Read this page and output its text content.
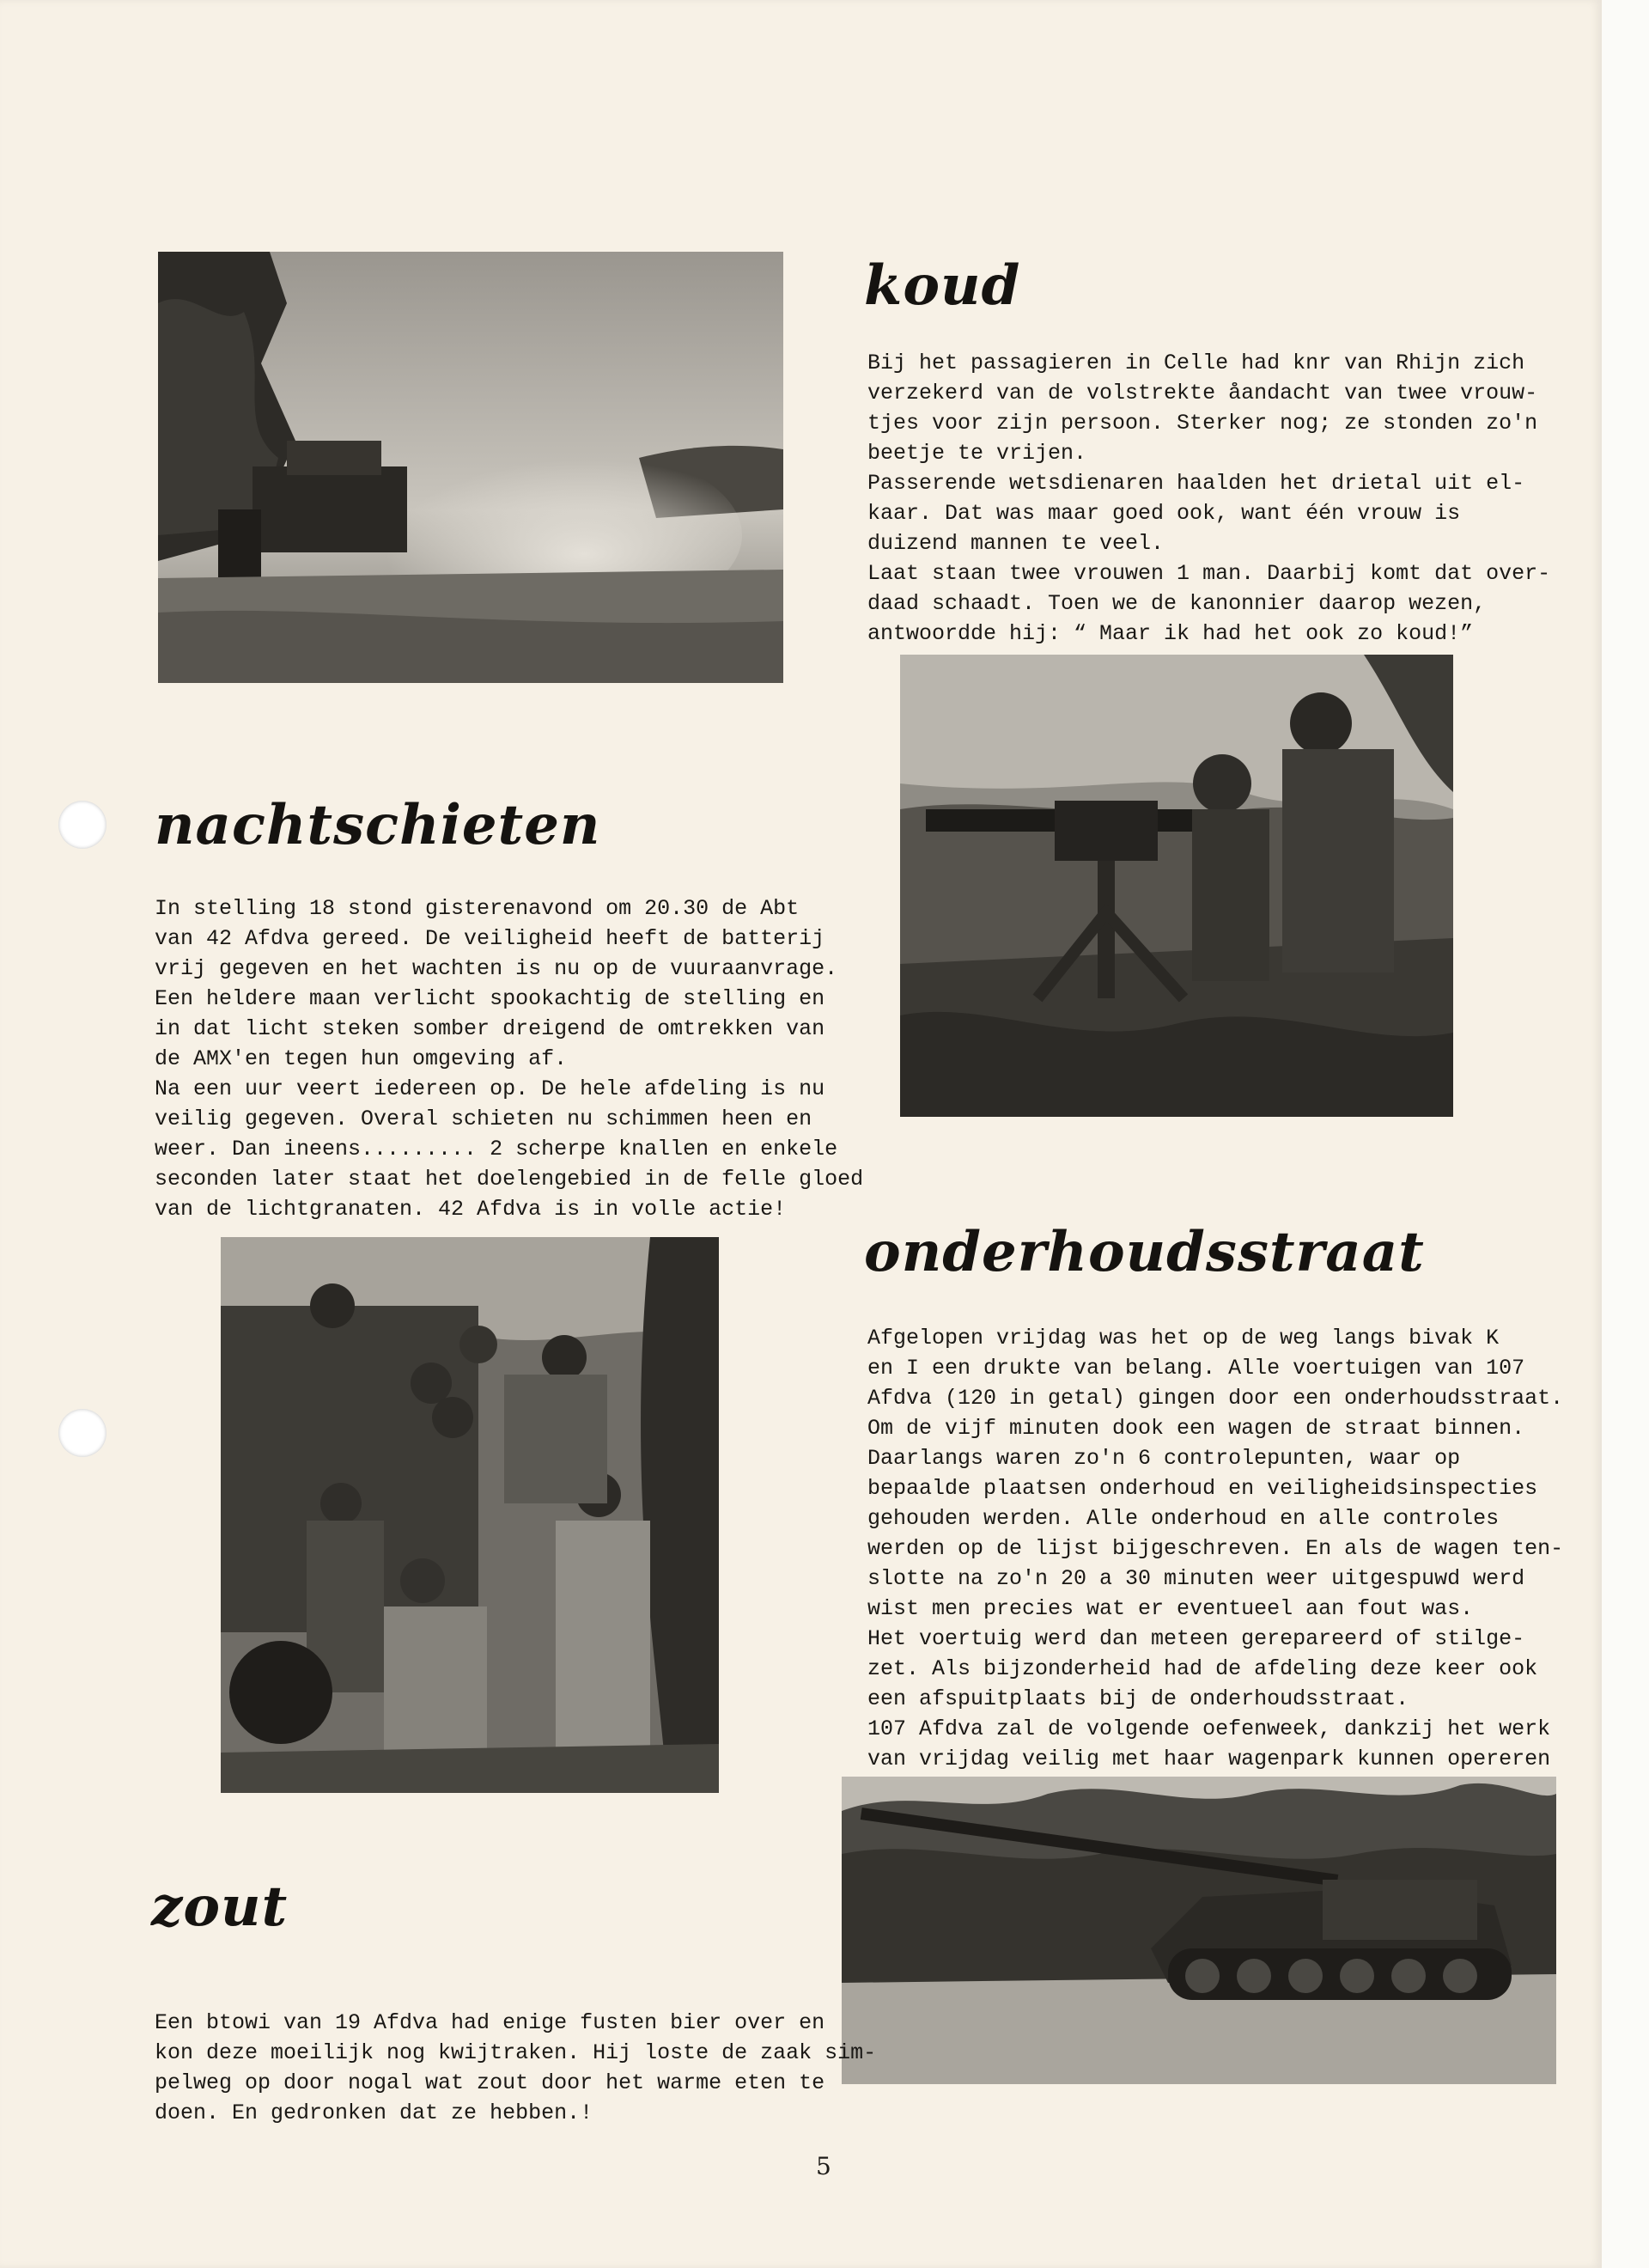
koud
Bij het passagieren in Celle had knr van Rhijn zich
verzekerd van de volstrekte åandacht van twee vrouw-
tjes voor zijn persoon. Sterker nog; ze stonden zo'n
beetje te vrijen.
Passerende wetsdienaren haalden het drietal uit el-
kaar. Dat was maar goed ook, want één vrouw is
duizend mannen te veel.
Laat staan twee vrouwen 1 man. Daarbij komt dat over-
daad schaadt. Toen we de kanonnier daarop wezen,
antwoordde hij: “ Maar ik had het ook zo koud!”
nachtschieten
In stelling 18 stond gisterenavond om 20.30 de Abt
van 42 Afdva gereed. De veiligheid heeft de batterij
vrij gegeven en het wachten is nu op de vuuraanvrage.
Een heldere maan verlicht spookachtig de stelling en
in dat licht steken somber dreigend de omtrekken van
de AMX'en tegen hun omgeving af.
Na een uur veert iedereen op. De hele afdeling is nu
veilig gegeven. Overal schieten nu schimmen heen en
weer. Dan ineens......... 2 scherpe knallen en enkele
seconden later staat het doelengebied in de felle gloed
van de lichtgranaten. 42 Afdva is in volle actie!
onderhoudsstraat
Afgelopen vrijdag was het op de weg langs bivak K
en I een drukte van belang. Alle voertuigen van 107
Afdva (120 in getal) gingen door een onderhoudsstraat.
Om de vijf minuten dook een wagen de straat binnen.
Daarlangs waren zo'n 6 controlepunten, waar op
bepaalde plaatsen onderhoud en veiligheidsinspecties
gehouden werden. Alle onderhoud en alle controles
werden op de lijst bijgeschreven. En als de wagen ten-
slotte na zo'n 20 a 30 minuten weer uitgespuwd werd
wist men precies wat er eventueel aan fout was.
Het voertuig werd dan meteen gerepareerd of stilge-
zet. Als bijzonderheid had de afdeling deze keer ook
een afspuitplaats bij de onderhoudsstraat.
107 Afdva zal de volgende oefenweek, dankzij het werk
van vrijdag veilig met haar wagenpark kunnen opereren
zout
Een btowi van 19 Afdva had enige fusten bier over en
kon deze moeilijk nog kwijtraken. Hij loste de zaak sim-
pelweg op door nogal wat zout door het warme eten te
doen. En gedronken dat ze hebben.!
5
